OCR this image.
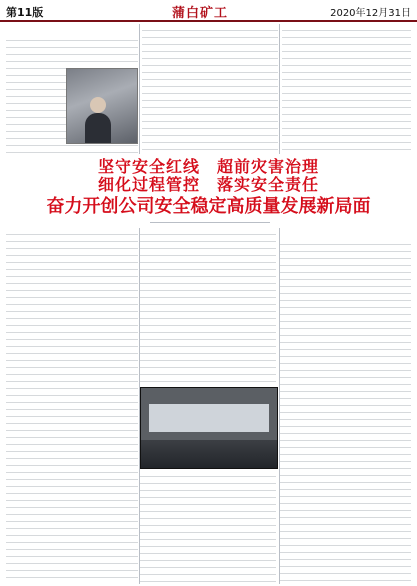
第11版	蒲白矿工	2020年12月31日
坚守安全红线　超前灾害治理
细化过程管控　落实安全责任
奋力开创公司安全稳定高质量发展新局面
